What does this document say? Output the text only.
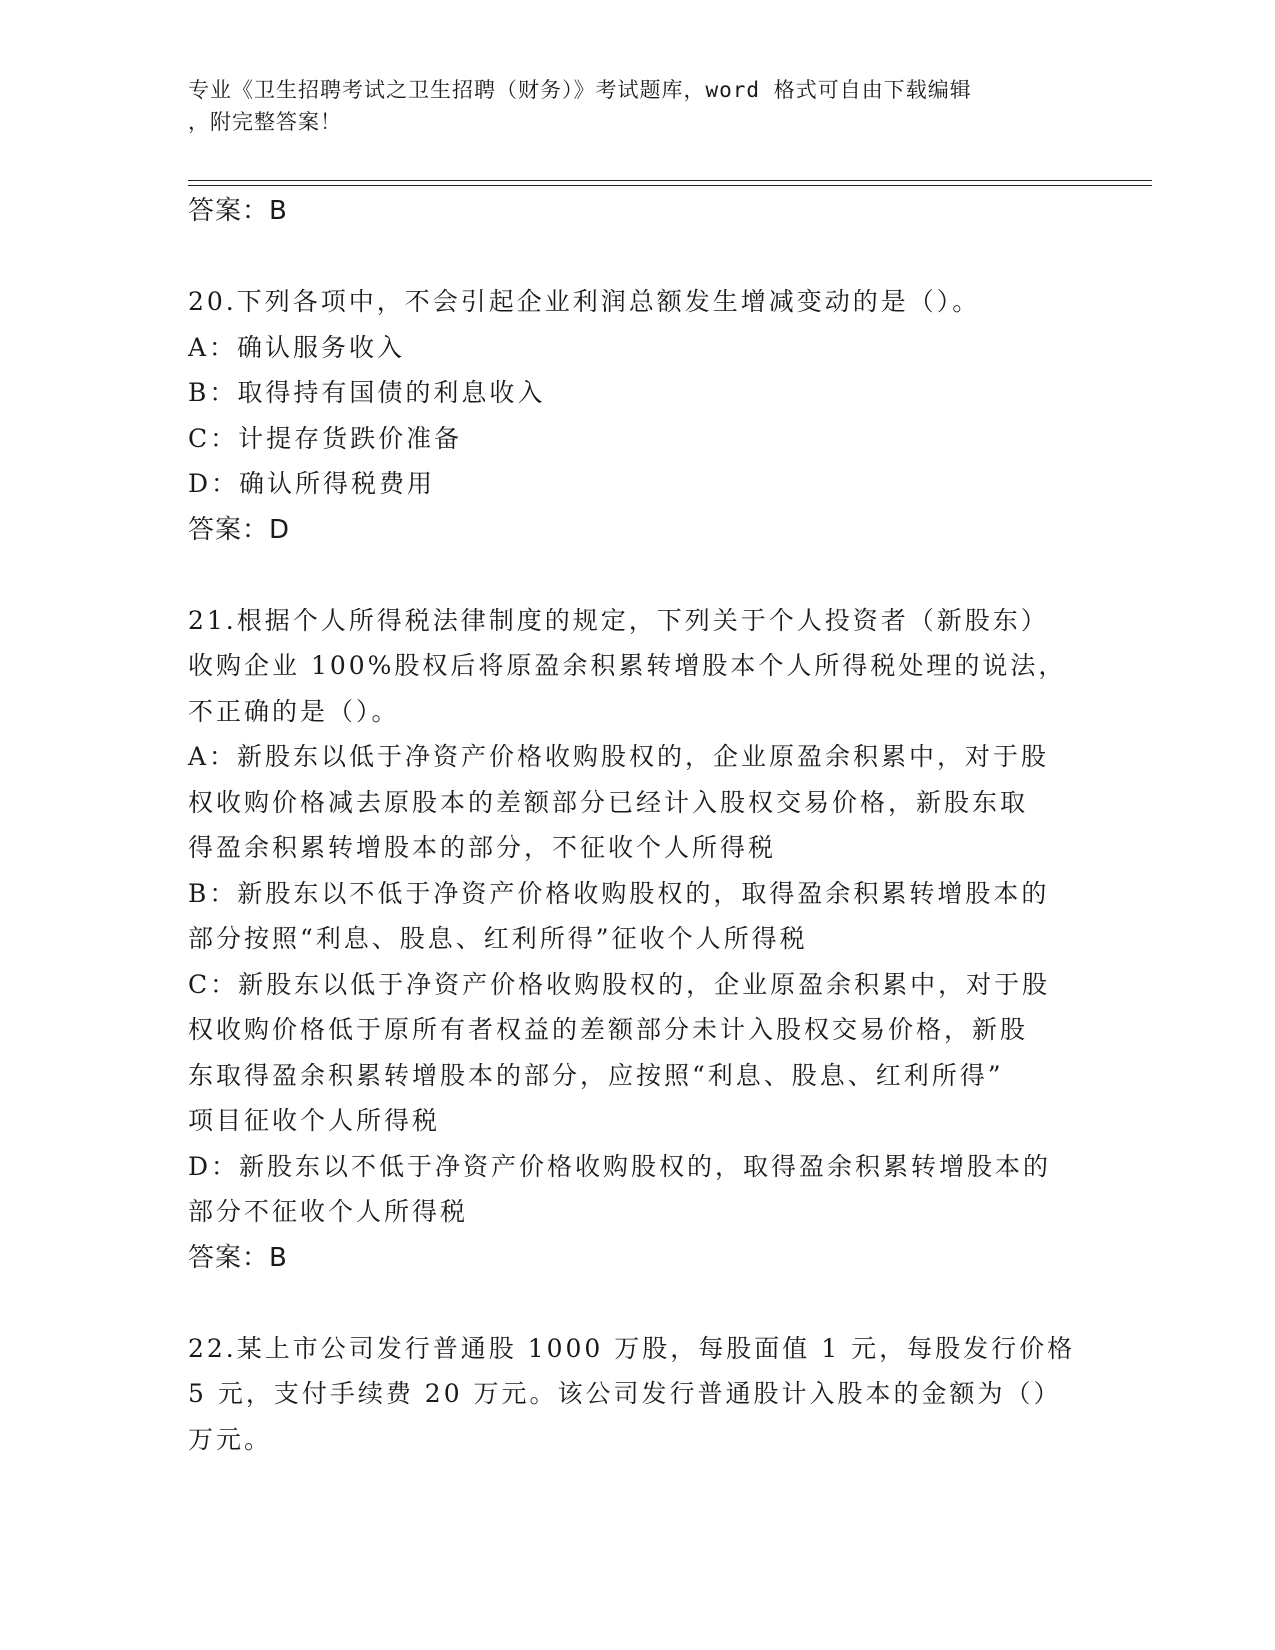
专业《卫生招聘考试之卫生招聘（财务）》考试题库，word 格式可自由下载编辑
，附完整答案！
答案：B
20.下列各项中，不会引起企业利润总额发生增减变动的是（）。
A：确认服务收入
B：取得持有国债的利息收入
C：计提存货跌价准备
D：确认所得税费用
答案：D
21.根据个人所得税法律制度的规定，下列关于个人投资者（新股东）
收购企业 100%股权后将原盈余积累转增股本个人所得税处理的说法，
不正确的是（）。
A：新股东以低于净资产价格收购股权的，企业原盈余积累中，对于股
权收购价格减去原股本的差额部分已经计入股权交易价格，新股东取
得盈余积累转增股本的部分，不征收个人所得税
B：新股东以不低于净资产价格收购股权的，取得盈余积累转增股本的
部分按照“利息、股息、红利所得”征收个人所得税
C：新股东以低于净资产价格收购股权的，企业原盈余积累中，对于股
权收购价格低于原所有者权益的差额部分未计入股权交易价格，新股
东取得盈余积累转增股本的部分，应按照“利息、股息、红利所得”
项目征收个人所得税
D：新股东以不低于净资产价格收购股权的，取得盈余积累转增股本的
部分不征收个人所得税
答案：B
22.某上市公司发行普通股 1000 万股，每股面值 1 元，每股发行价格
5 元，支付手续费 20 万元。该公司发行普通股计入股本的金额为（）
万元。
